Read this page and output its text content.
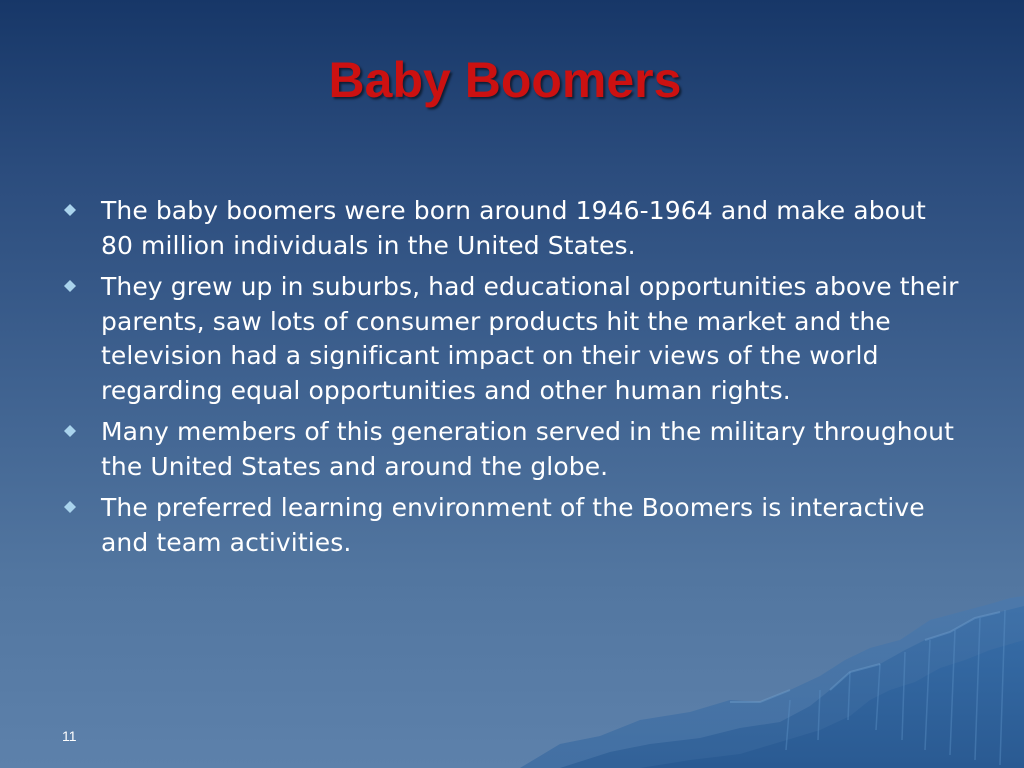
Baby Boomers
The baby boomers were born around 1946-1964 and make about 80 million individuals in the United States.
They grew up in suburbs, had educational opportunities above their parents, saw lots of consumer products hit the market and the television had a significant impact on their views of the world regarding equal opportunities and other human rights.
Many members of this generation served in the military throughout the United States and around the globe.
The preferred learning environment of the Boomers is interactive and team activities.
11
